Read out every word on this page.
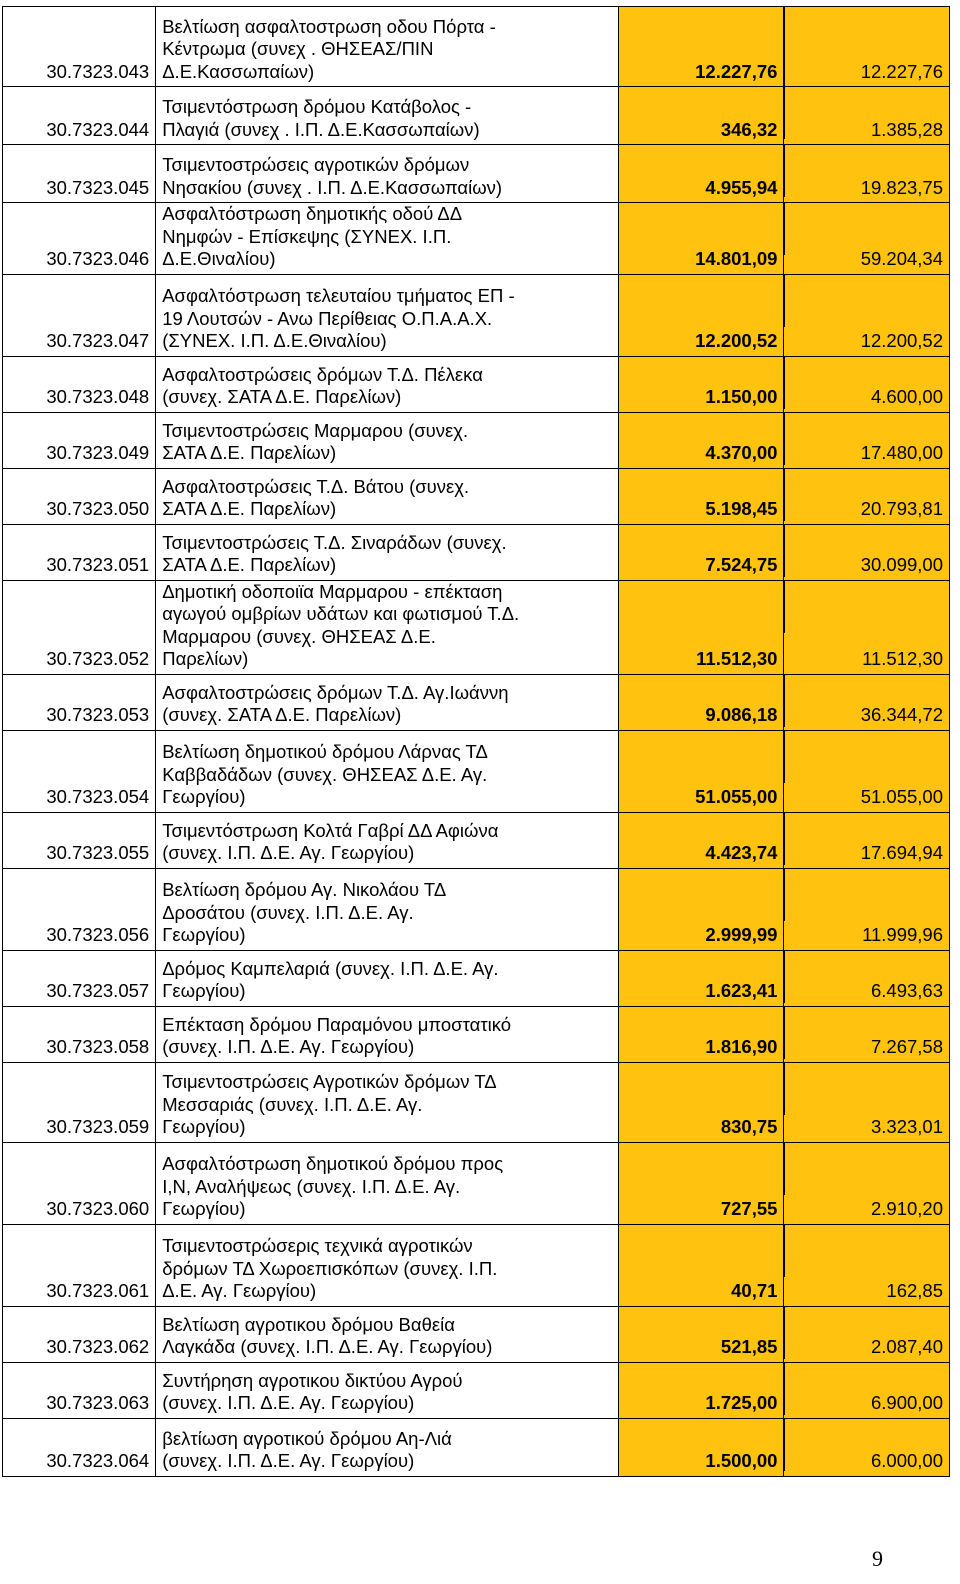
30.7323.043	Βελτίωση ασφαλτοστρωση οδου Πόρτα -
Κέντρωμα (συνεχ . ΘΗΣΕΑΣ/ΠΙΝ
Δ.Ε.Κασσωπαίων)	12.227,76	12.227,76
30.7323.044	Τσιμεντόστρωση δρόμου Κατάβολος -
Πλαγιά (συνεχ . Ι.Π. Δ.Ε.Κασσωπαίων)	346,32	1.385,28
30.7323.045	Τσιμεντοστρώσεις αγροτικών δρόμων
Νησακίου (συνεχ . Ι.Π. Δ.Ε.Κασσωπαίων)	4.955,94	19.823,75
30.7323.046	Ασφαλτόστρωση δημοτικής οδού ΔΔ
Νημφών - Επίσκεψης (ΣΥΝΕΧ. Ι.Π.
Δ.Ε.Θιναλίου)	14.801,09	59.204,34
30.7323.047	Ασφαλτόστρωση τελευταίου τμήματος ΕΠ -
19 Λουτσών - Ανω Περίθειας Ο.Π.Α.Α.Χ.
(ΣΥΝΕΧ. Ι.Π. Δ.Ε.Θιναλίου)	12.200,52	12.200,52
30.7323.048	Ασφαλτοστρώσεις δρόμων Τ.Δ. Πέλεκα
(συνεχ. ΣΑΤΑ Δ.Ε. Παρελίων)	1.150,00	4.600,00
30.7323.049	Τσιμεντοστρώσεις Μαρμαρου (συνεχ.
ΣΑΤΑ Δ.Ε. Παρελίων)	4.370,00	17.480,00
30.7323.050	Ασφαλτοστρώσεις Τ.Δ. Βάτου (συνεχ.
ΣΑΤΑ Δ.Ε. Παρελίων)	5.198,45	20.793,81
30.7323.051	Τσιμεντοστρώσεις Τ.Δ. Σιναράδων (συνεχ.
ΣΑΤΑ Δ.Ε. Παρελίων)	7.524,75	30.099,00
30.7323.052	Δημοτική οδοποιϊα Μαρμαρου - επέκταση
αγωγού ομβρίων υδάτων και φωτισμού Τ.Δ.
Μαρμαρου (συνεχ. ΘΗΣΕΑΣ Δ.Ε.
Παρελίων)	11.512,30	11.512,30
30.7323.053	Ασφαλτοστρώσεις δρόμων Τ.Δ. Αγ.Ιωάννη
(συνεχ. ΣΑΤΑ Δ.Ε. Παρελίων)	9.086,18	36.344,72
30.7323.054	Βελτίωση δημοτικού δρόμου Λάρνας ΤΔ
Καββαδάδων (συνεχ. ΘΗΣΕΑΣ Δ.Ε. Αγ.
Γεωργίου)	51.055,00	51.055,00
30.7323.055	Τσιμεντόστρωση Κολτά Γαβρί ΔΔ Αφιώνα
(συνεχ. Ι.Π. Δ.Ε. Αγ. Γεωργίου)	4.423,74	17.694,94
30.7323.056	Βελτίωση δρόμου Αγ. Νικολάου ΤΔ
Δροσάτου (συνεχ. Ι.Π. Δ.Ε. Αγ.
Γεωργίου)	2.999,99	11.999,96
30.7323.057	Δρόμος Καμπελαριά (συνεχ. Ι.Π. Δ.Ε. Αγ.
Γεωργίου)	1.623,41	6.493,63
30.7323.058	Επέκταση δρόμου Παραμόνου μποστατικό
(συνεχ. Ι.Π. Δ.Ε. Αγ. Γεωργίου)	1.816,90	7.267,58
30.7323.059	Τσιμεντοστρώσεις Αγροτικών δρόμων ΤΔ
Μεσσαριάς (συνεχ. Ι.Π. Δ.Ε. Αγ.
Γεωργίου)	830,75	3.323,01
30.7323.060	Ασφαλτόστρωση δημοτικού δρόμου προς
Ι,Ν, Αναλήψεως (συνεχ. Ι.Π. Δ.Ε. Αγ.
Γεωργίου)	727,55	2.910,20
30.7323.061	Τσιμεντοστρώσερις τεχνικά αγροτικών
δρόμων ΤΔ Χωροεπισκόπων (συνεχ. Ι.Π.
Δ.Ε. Αγ. Γεωργίου)	40,71	162,85
30.7323.062	Βελτίωση αγροτικου δρόμου Βαθεία
Λαγκάδα (συνεχ. Ι.Π. Δ.Ε. Αγ. Γεωργίου)	521,85	2.087,40
30.7323.063	Συντήρηση αγροτικου δικτύου Αγρού
(συνεχ. Ι.Π. Δ.Ε. Αγ. Γεωργίου)	1.725,00	6.900,00
30.7323.064	βελτίωση αγροτικού δρόμου Αη-Λιά
(συνεχ. Ι.Π. Δ.Ε. Αγ. Γεωργίου)	1.500,00	6.000,00
9
